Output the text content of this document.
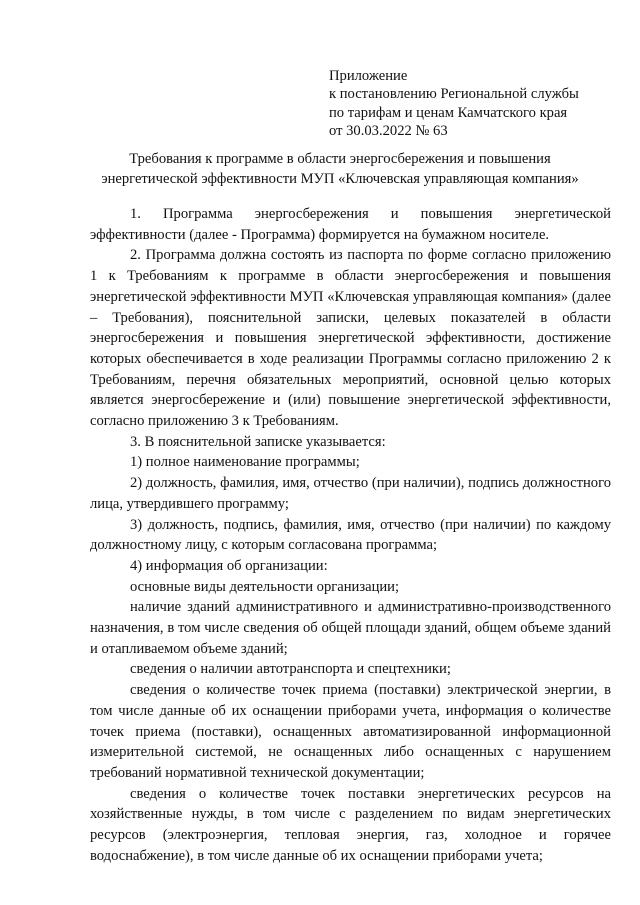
Приложение
к постановлению Региональной службы
по тарифам и ценам Камчатского края
от 30.03.2022 № 63
Требования к программе в области энергосбережения и повышения
энергетической эффективности МУП «Ключевская управляющая компания»

1. Программа энергосбережения и повышения энергетической эффективности (далее - Программа) формируется на бумажном носителе.

2. Программа должна состоять из паспорта по форме согласно приложению 1 к Требованиям к программе в области энергосбережения и повышения энергетической эффективности МУП «Ключевская управляющая компания» (далее – Требования), пояснительной записки, целевых показателей в области энергосбережения и повышения энергетической эффективности, достижение которых обеспечивается в ходе реализации Программы согласно приложению 2 к Требованиям, перечня обязательных мероприятий, основной целью которых является энергосбережение и (или) повышение энергетической эффективности, согласно приложению 3 к Требованиям.

3. В пояснительной записке указывается:

1) полное наименование программы;

2) должность, фамилия, имя, отчество (при наличии), подпись должностного лица, утвердившего программу;

3) должность, подпись, фамилия, имя, отчество (при наличии) по каждому должностному лицу, с которым согласована программа;

4) информация об организации:

основные виды деятельности организации;

наличие зданий административного и административно-производственного назначения, в том числе сведения об общей площади зданий, общем объеме зданий и отапливаемом объеме зданий;

сведения о наличии автотранспорта и спецтехники;

сведения о количестве точек приема (поставки) электрической энергии, в том числе данные об их оснащении приборами учета, информация о количестве точек приема (поставки), оснащенных автоматизированной информационной измерительной системой, не оснащенных либо оснащенных с нарушением требований нормативной технической документации;

сведения о количестве точек поставки энергетических ресурсов на хозяйственные нужды, в том числе с разделением по видам энергетических ресурсов (электроэнергия, тепловая энергия, газ, холодное и горячее водоснабжение), в том числе данные об их оснащении приборами учета;
